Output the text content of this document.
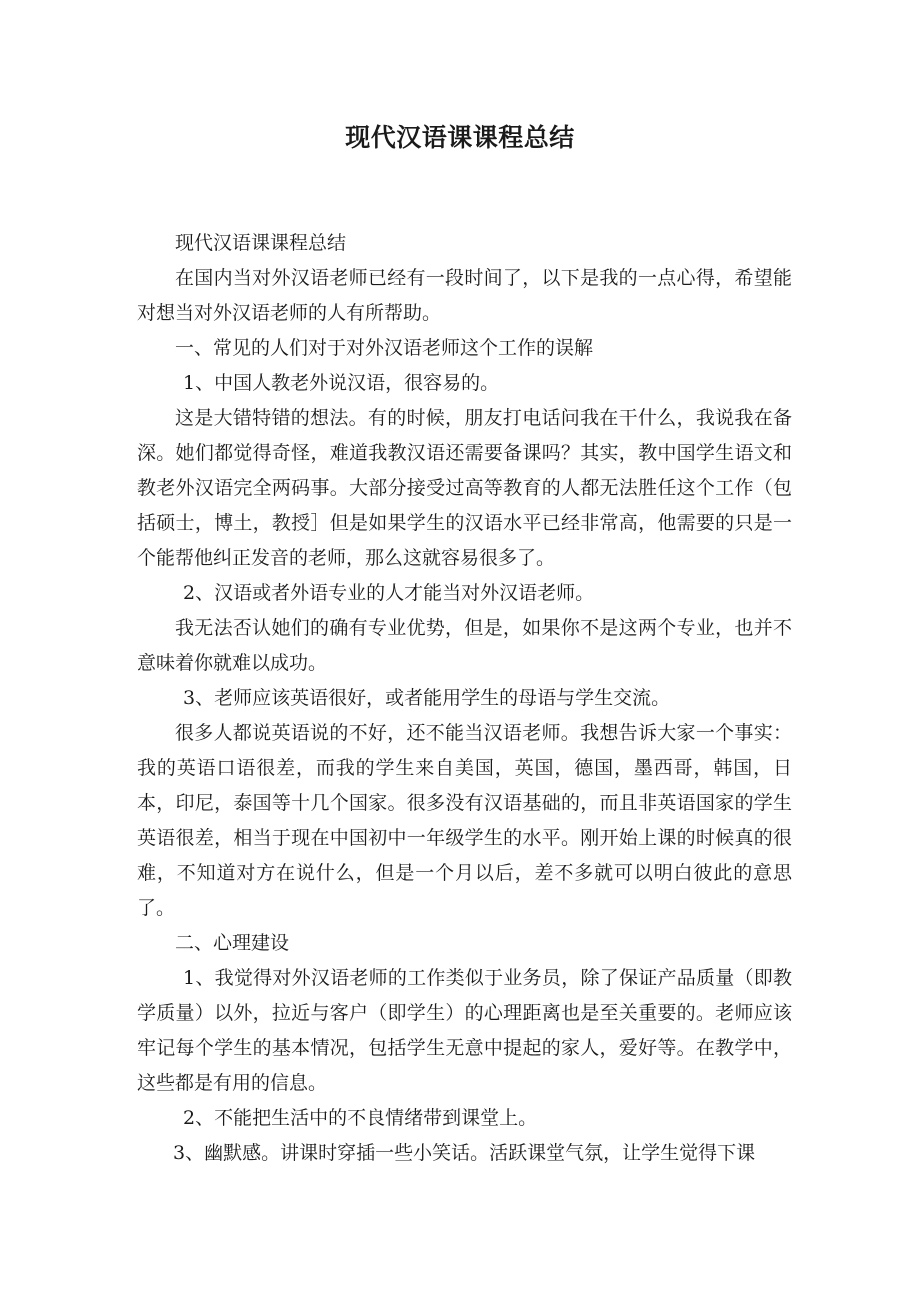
现代汉语课课程总结

现代汉语课课程总结

在国内当对外汉语老师已经有一段时间了，以下是我的一点心得，希望能对想当对外汉语老师的人有所帮助。

一、常见的人们对于对外汉语老师这个工作的误解

1、中国人教老外说汉语，很容易的。

这是大错特错的想法。有的时候，朋友打电话问我在干什么，我说我在备深。她们都觉得奇怪，难道我教汉语还需要备课吗？其实，教中国学生语文和教老外汉语完全两码事。大部分接受过高等教育的人都无法胜任这个工作（包括硕士，博土，教授］但是如果学生的汉语水平已经非常高，他需要的只是一个能帮他纠正发音的老师，那么这就容易很多了。

2、汉语或者外语专业的人才能当对外汉语老师。

我无法否认她们的确有专业优势，但是，如果你不是这两个专业，也并不意味着你就难以成功。

3、老师应该英语很好，或者能用学生的母语与学生交流。

很多人都说英语说的不好，还不能当汉语老师。我想告诉大家一个事实：我的英语口语很差，而我的学生来自美国，英国，德国，墨西哥，韩国，日本，印尼，泰国等十几个国家。很多没有汉语基础的，而且非英语国家的学生英语很差，相当于现在中国初中一年级学生的水平。刚开始上课的时候真的很难，不知道对方在说什么，但是一个月以后，差不多就可以明白彼此的意思了。

二、心理建设

1、我觉得对外汉语老师的工作类似于业务员，除了保证产品质量（即教学质量）以外，拉近与客户（即学生）的心理距离也是至关重要的。老师应该牢记每个学生的基本情况，包括学生无意中提起的家人，爱好等。在教学中，这些都是有用的信息。

2、不能把生活中的不良情绪带到课堂上。

3、幽默感。讲课时穿插一些小笑话。活跃课堂气氛，让学生觉得下课
